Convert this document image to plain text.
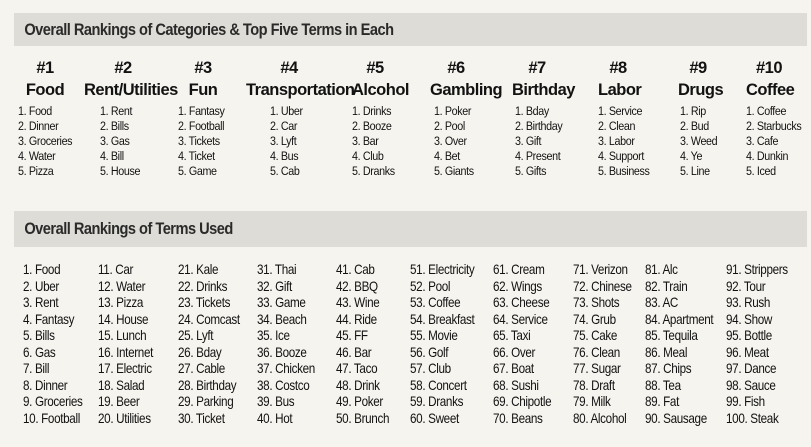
Overall Rankings of Categories & Top Five Terms in Each
#1
Food
1. Food
2. Dinner
3. Groceries
4. Water
5. Pizza
#2
Rent/Utilities
1. Rent
2. Bills
3. Gas
4. Bill
5. House
#3
Fun
1. Fantasy
2. Football
3. Tickets
4. Ticket
5. Game
#4
Transportation
1. Uber
2. Car
3. Lyft
4. Bus
5. Cab
#5
Alcohol
1. Drinks
2. Booze
3. Bar
4. Club
5. Dranks
#6
Gambling
1. Poker
2. Pool
3. Over
4. Bet
5. Giants
#7
Birthday
1. Bday
2. Birthday
3. Gift
4. Present
5. Gifts
#8
Labor
1. Service
2. Clean
3. Labor
4. Support
5. Business
#9
Drugs
1. Rip
2. Bud
3. Weed
4. Ye
5. Line
#10
Coffee
1. Coffee
2. Starbucks
3. Cafe
4. Dunkin
5. Iced
Overall Rankings of Terms Used
1. Food
2. Uber
3. Rent
4. Fantasy
5. Bills
6. Gas
7. Bill
8. Dinner
9. Groceries
10. Football
11. Car
12. Water
13. Pizza
14. House
15. Lunch
16. Internet
17. Electric
18. Salad
19. Beer
20. Utilities
21. Kale
22. Drinks
23. Tickets
24. Comcast
25. Lyft
26. Bday
27. Cable
28. Birthday
29. Parking
30. Ticket
31. Thai
32. Gift
33. Game
34. Beach
35. Ice
36. Booze
37. Chicken
38. Costco
39. Bus
40. Hot
41. Cab
42. BBQ
43. Wine
44. Ride
45. FF
46. Bar
47. Taco
48. Drink
49. Poker
50. Brunch
51. Electricity
52. Pool
53. Coffee
54. Breakfast
55. Movie
56. Golf
57. Club
58. Concert
59. Dranks
60. Sweet
61. Cream
62. Wings
63. Cheese
64. Service
65. Taxi
66. Over
67. Boat
68. Sushi
69. Chipotle
70. Beans
71. Verizon
72. Chinese
73. Shots
74. Grub
75. Cake
76. Clean
77. Sugar
78. Draft
79. Milk
80. Alcohol
81. Alc
82. Train
83. AC
84. Apartment
85. Tequila
86. Meal
87. Chips
88. Tea
89. Fat
90. Sausage
91. Strippers
92. Tour
93. Rush
94. Show
95. Bottle
96. Meat
97. Dance
98. Sauce
99. Fish
100. Steak
